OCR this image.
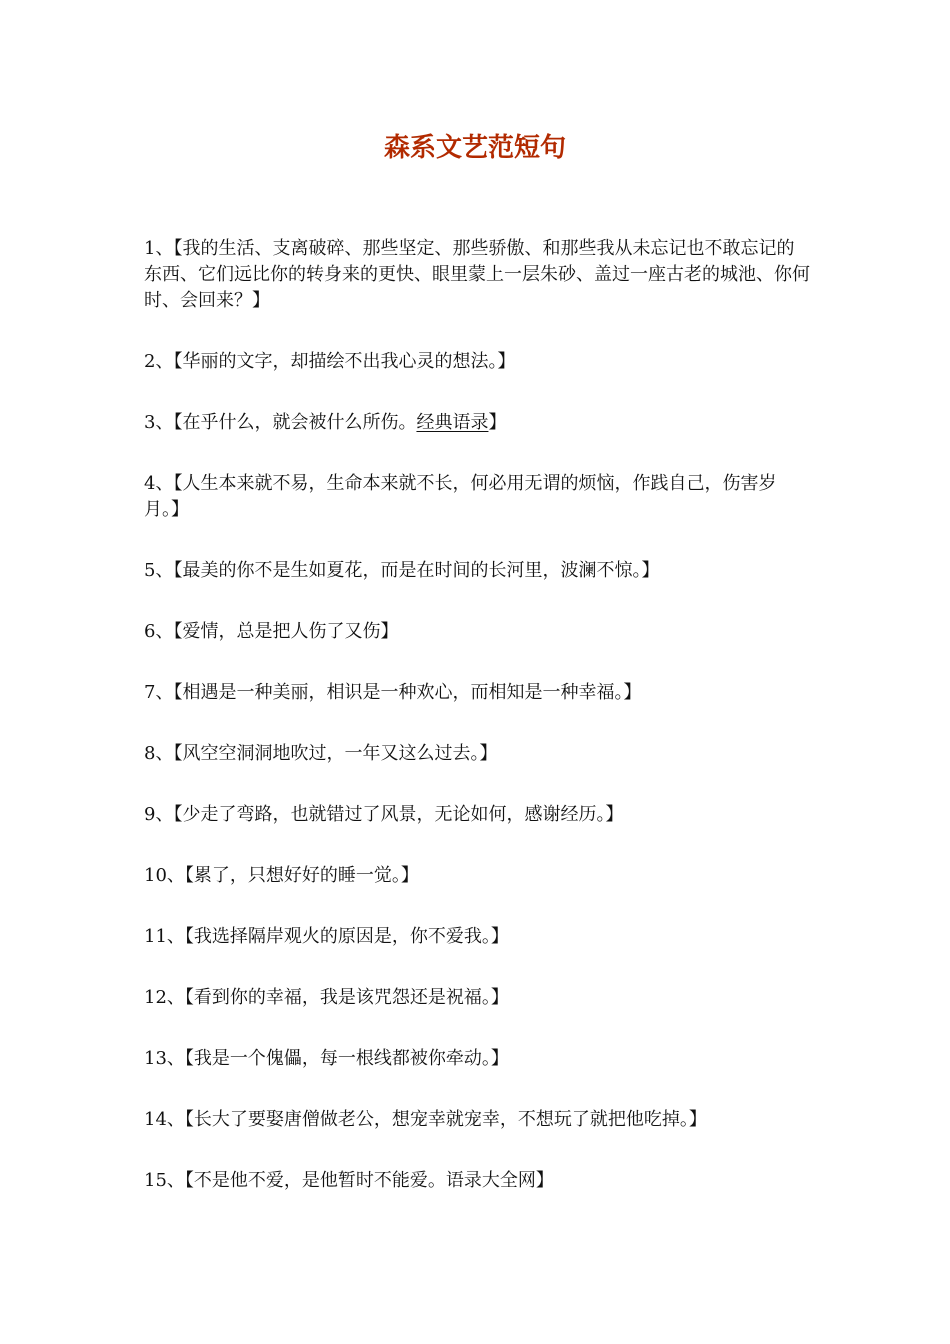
森系文艺范短句

1、【我的生活、支离破碎、那些坚定、那些骄傲、和那些我从未忘记也不敢忘记的东西、它们远比你的转身来的更快、眼里蒙上一层朱砂、盖过一座古老的城池、你何时、会回来？】

2、【华丽的文字，却描绘不出我心灵的想法。】

3、【在乎什么，就会被什么所伤。经典语录】

4、【人生本来就不易，生命本来就不长，何必用无谓的烦恼，作践自己，伤害岁月。】

5、【最美的你不是生如夏花，而是在时间的长河里，波澜不惊。】

6、【爱情，总是把人伤了又伤】

7、【相遇是一种美丽，相识是一种欢心，而相知是一种幸福。】

8、【风空空洞洞地吹过，一年又这么过去。】

9、【少走了弯路，也就错过了风景，无论如何，感谢经历。】

10、【累了，只想好好的睡一觉。】

11、【我选择隔岸观火的原因是，你不爱我。】

12、【看到你的幸福，我是该咒怨还是祝福。】

13、【我是一个傀儡，每一根线都被你牵动。】

14、【长大了要娶唐僧做老公，想宠幸就宠幸，不想玩了就把他吃掉。】

15、【不是他不爱，是他暂时不能爱。语录大全网】
